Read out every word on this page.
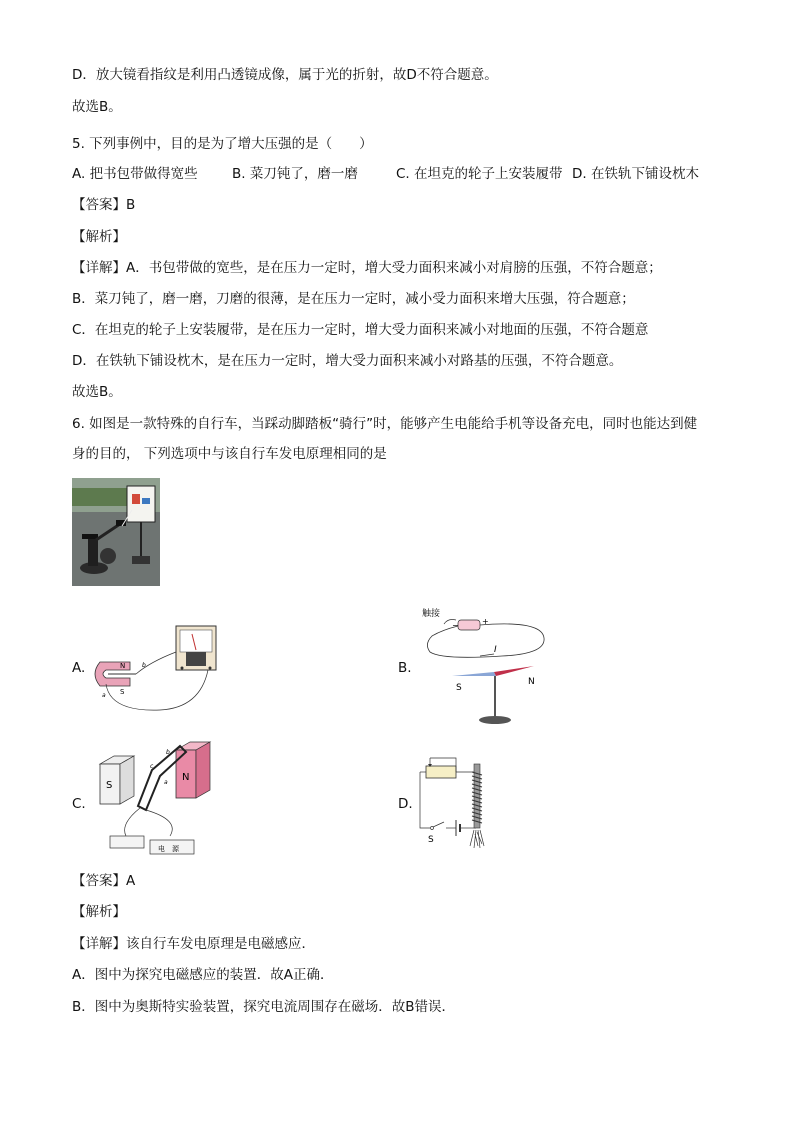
D．放大镜看指纹是利用凸透镜成像，属于光的折射，故D不符合题意。
故选B。
5. 下列事例中，目的是为了增大压强的是（　　）
A. 把书包带做得宽些	B. 菜刀钝了，磨一磨	C. 在坦克的轮子上安装履带 D. 在铁轨下铺设枕木
【答案】B
【解析】
【详解】A．书包带做的宽些，是在压力一定时，增大受力面积来减小对肩膀的压强，不符合题意；
B．菜刀钝了，磨一磨，刀磨的很薄，是在压力一定时，减小受力面积来增大压强，符合题意；
C．在坦克的轮子上安装履带，是在压力一定时，增大受力面积来减小对地面的压强，不符合题意
D．在铁轨下铺设枕木，是在压力一定时，增大受力面积来减小对路基的压强，不符合题意。
故选B。
6. 如图是一款特殊的自行车，当踩动脚踏板“骑行”时，能够产生电能给手机等设备充电，同时也能达到健
身的目的， 下列选项中与该自行车发电原理相同的是
A.	N
S
b
a
B.
触接
−	+
I
S
N
C.
S
N
b
c
a
电　源
D.
S
【答案】A
【解析】
【详解】该自行车发电原理是电磁感应．
A．图中为探究电磁感应的装置．故A正确．
B．图中为奥斯特实验装置，探究电流周围存在磁场．故B错误．
